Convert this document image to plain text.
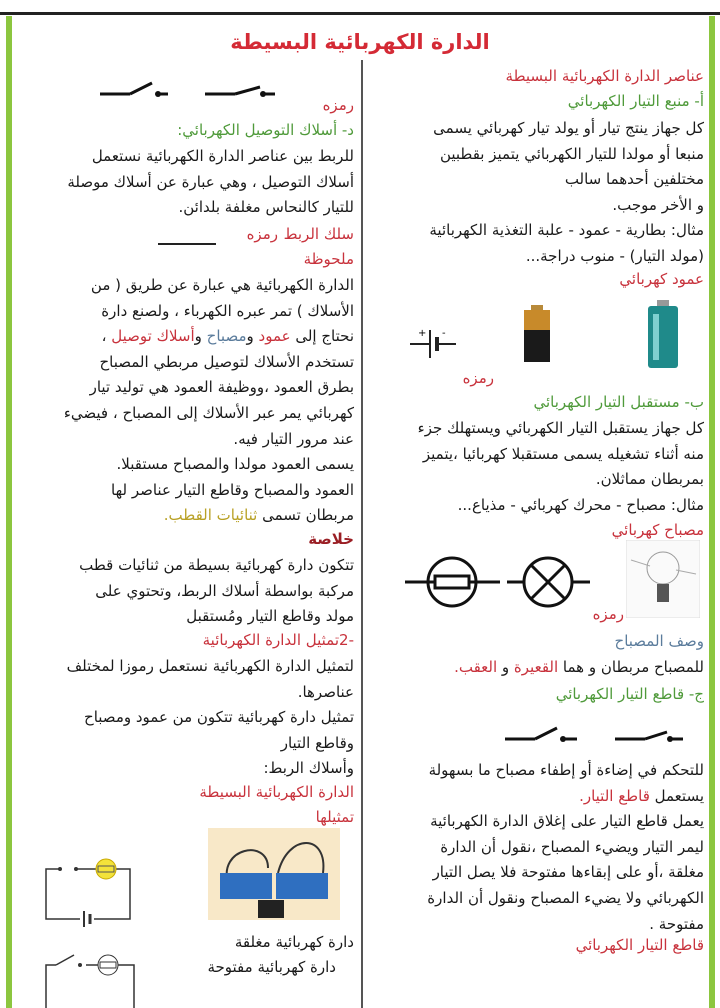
الدارة الكهربائية البسيطة
عناصر الدارة الكهربائية البسيطة
أ- منبع التيار الكهربائي
كل جهاز ينتج تيار أو يولد تيار كهربائي يسمى
منبعا أو مولدا للتيار الكهربائي يتميز بقطبين
مختلفين أحدهما سالب
و الأخر موجب.
مثال: بطارية - عمود - علبة التغذية الكهربائية
(مولد التيار) - منوب دراجة...
عمود كهربائي
رمزه
ب- مستقبل التيار الكهربائي
كل جهاز يستقبل التيار الكهربائي ويستهلك جزء
منه أثناء تشغيله يسمى مستقبلا كهربائيا ،يتميز
بمربطان مماثلان.
مثال: مصباح - محرك كهربائي - مذياع...
مصباح كهربائي
رمزه
وصف المصباح
للمصباح مربطان و هما القعيرة و العقب.
ج- قاطع التيار الكهربائي
للتحكم في إضاءة أو إطفاء مصباح ما بسهولة
يستعمل قاطع التيار.
يعمل قاطع التيار على إغلاق الدارة الكهربائية
ليمر التيار ويضيء المصباح ،نقول أن الدارة
مغلقة ،أو على إبقاءها مفتوحة فلا يصل التيار
الكهربائي ولا يضيء المصباح ونقول أن الدارة
مفتوحة .
قاطع التيار الكهربائي
رمزه
د- أسلاك التوصيل الكهربائي:
للربط بين عناصر الدارة الكهربائية نستعمل
أسلاك التوصيل ، وهي عبارة عن أسلاك موصلة
للتيار كالنحاس مغلفة بلدائن.
سلك الربط
رمزه
ملحوظة
الدارة الكهربائية هي عبارة عن طريق ( من
الأسلاك ) تمر عبره الكهرباء ، ولصنع دارة
نحتاج إلى عمود ومصباح وأسلاك توصيل ،
تستخدم الأسلاك لتوصيل مربطي المصباح
بطرق العمود ،ووظيفة العمود هي توليد تيار
كهربائي يمر عبر الأسلاك إلى المصباح ، فيضيء
عند مرور التيار فيه.
يسمى العمود مولدا والمصباح مستقبلا.
العمود والمصباح وقاطع التيار عناصر لها
مربطان تسمى ثنائيات القطب.
خلاصة
تتكون دارة كهربائية بسيطة من ثنائيات قطب
مركبة بواسطة أسلاك الربط، وتحتوي على
مولد وقاطع التيار ومُستقبل
-2تمثيل الدارة الكهربائية
لتمثيل الدارة الكهربائية نستعمل رموزا لمختلف
عناصرها.
تمثيل دارة كهربائية تتكون من عمود ومصباح
وقاطع التيار
وأسلاك الربط:
الدارة الكهربائية البسيطة
تمثيلها
دارة كهربائية مغلقة
دارة كهربائية مفتوحة
+ -
